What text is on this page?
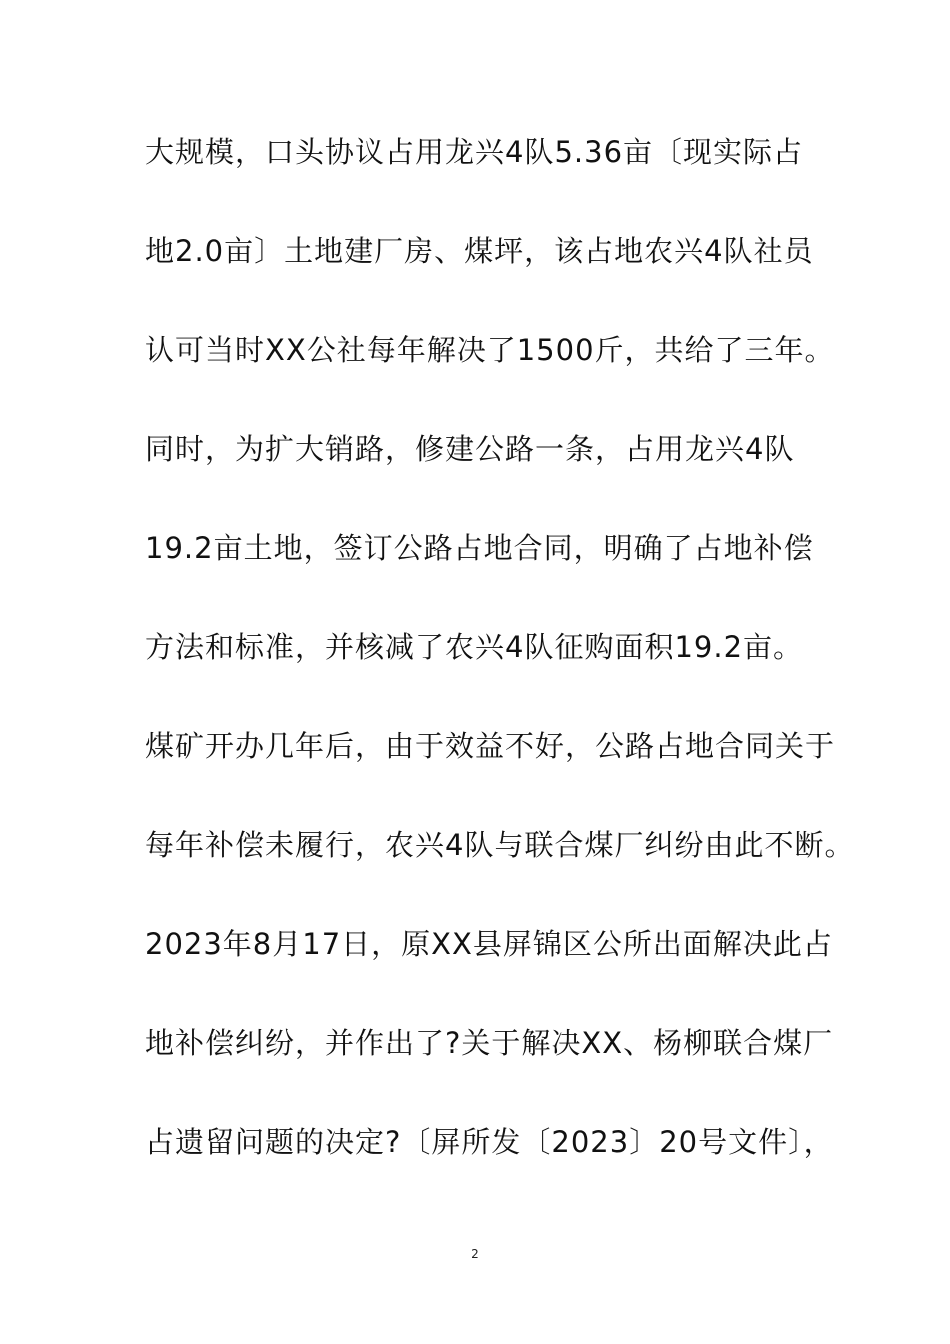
大规模，口头协议占用龙兴4队5.36亩〔现实际占
地2.0亩〕土地建厂房、煤坪，该占地农兴4队社员
认可当时XX公社每年解决了1500斤，共给了三年。
同时，为扩大销路，修建公路一条，占用龙兴4队
19.2亩土地，签订公路占地合同，明确了占地补偿
方法和标准，并核减了农兴4队征购面积19.2亩。
煤矿开办几年后，由于效益不好，公路占地合同关于
每年补偿未履行，农兴4队与联合煤厂纠纷由此不断。
2023年8月17日，原XX县屏锦区公所出面解决此占
地补偿纠纷，并作出了?关于解决XX、杨柳联合煤厂
占遗留问题的决定?〔屏所发〔2023〕20号文件〕，
2
